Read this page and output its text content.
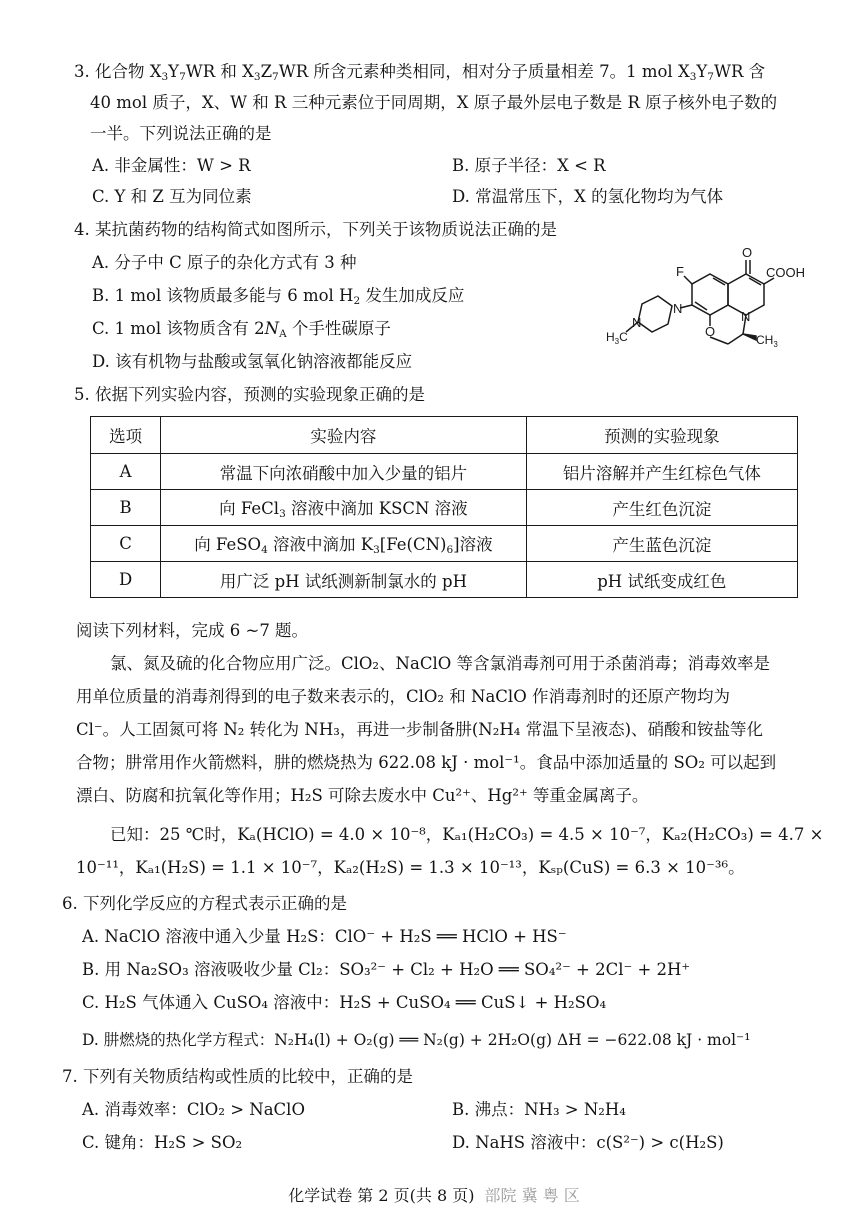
3. 化合物 $X_3Y_7WR$ 和 $X_3Z_7WR$ 所含元素种类相同，相对分子质量相差 7。1 mol $X_3Y_7WR$ 含
40 mol 质子，X、W 和 R 三种元素位于同周期，X 原子最外层电子数是 R 原子核外电子数的
一半。下列说法正确的是
A. 非金属性：W > R	B. 原子半径：X < R
C. Y 和 Z 互为同位素	D. 常温常压下，X 的氢化物均为气体
4. 某抗菌药物的结构简式如图所示，下列关于该物质说法正确的是
A. 分子中 C 原子的杂化方式有 3 种
B. 1 mol 该物质最多能与 6 mol $H_2$ 发生加成反应
C. 1 mol 该物质含有 $2N_A$ 个手性碳原子
D. 该有机物与盐酸或氢氧化钠溶液都能反应
F
O
COOH
N
O
N
N
$H_3C$	$CH_3$
5. 依据下列实验内容，预测的实验现象正确的是
选项	实验内容	预测的实验现象
A	常温下向浓硝酸中加入少量的铝片	铝片溶解并产生红棕色气体
B	向 FeCl$_3$ 溶液中滴加 KSCN 溶液	产生红色沉淀
C	向 FeSO$_4$ 溶液中滴加 $K_3[Fe(CN)_6]$溶液	产生蓝色沉淀
D	用广泛 pH 试纸测新制氯水的 pH	pH 试纸变成红色
阅读下列材料，完成 6 ~7 题。
氯、氮及硫的化合物应用广泛。ClO₂、NaClO 等含氯消毒剂可用于杀菌消毒；消毒效率是
用单位质量的消毒剂得到的电子数来表示的，ClO₂ 和 NaClO 作消毒剂时的还原产物均为
Cl⁻。人工固氮可将 N₂ 转化为 NH₃，再进一步制备肼(N₂H₄ 常温下呈液态)、硝酸和铵盐等化
合物；肼常用作火箭燃料，肼的燃烧热为 622.08 kJ · mol⁻¹。食品中添加适量的 SO₂ 可以起到
漂白、防腐和抗氧化等作用；H₂S 可除去废水中 Cu²⁺、Hg²⁺ 等重金属离子。
已知：25 ℃时，Kₐ(HClO) = 4.0 × 10⁻⁸，Kₐ₁(H₂CO₃) = 4.5 × 10⁻⁷，Kₐ₂(H₂CO₃) = 4.7 ×
10⁻¹¹，Kₐ₁(H₂S) = 1.1 × 10⁻⁷，Kₐ₂(H₂S) = 1.3 × 10⁻¹³，Kₛₚ(CuS) = 6.3 × 10⁻³⁶。
6. 下列化学反应的方程式表示正确的是
A. NaClO 溶液中通入少量 H₂S：ClO⁻ + H₂S ══ HClO + HS⁻
B. 用 Na₂SO₃ 溶液吸收少量 Cl₂：SO₃²⁻ + Cl₂ + H₂O ══ SO₄²⁻ + 2Cl⁻ + 2H⁺
C. H₂S 气体通入 CuSO₄ 溶液中：H₂S + CuSO₄ ══ CuS↓ + H₂SO₄
D. 肼燃烧的热化学方程式：N₂H₄(l) + O₂(g) ══ N₂(g) + 2H₂O(g) ΔH = −622.08 kJ · mol⁻¹
7. 下列有关物质结构或性质的比较中，正确的是
A. 消毒效率：ClO₂ > NaClO	B. 沸点：NH₃ > N₂H₄
C. 键角：H₂S > SO₂	D. NaHS 溶液中：c(S²⁻) > c(H₂S)
化学试卷 第 2 页(共 8 页) 部院 冀 粤 区
